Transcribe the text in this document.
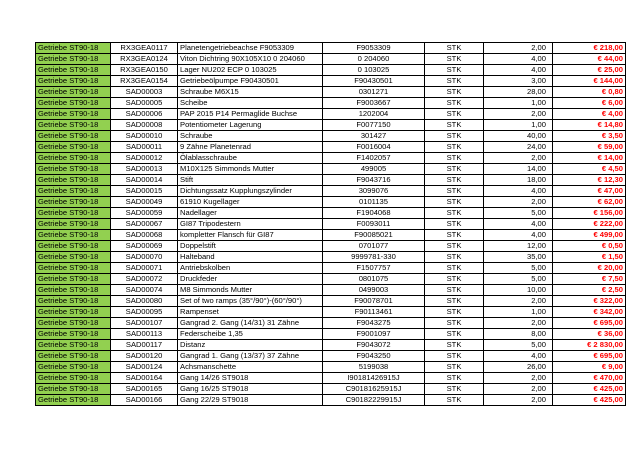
Getriebe ST90-18	RX3GEA0117	Planetengetriebeachse F9053309	F9053309	STK	2,00	€ 218,00
Getriebe ST90-18	RX3GEA0124	Viton Dichtring 90X105X10 0 204060	0 204060	STK	4,00	€ 44,00
Getriebe ST90-18	RX3GEA0150	Lager NU202 ECP 0 103025	0 103025	STK	4,00	€ 25,00
Getriebe ST90-18	RX3GEA0154	Getriebeölpumpe F90430501	F90430501	STK	3,00	€ 144,00
Getriebe ST90-18	SAD00003	Schraube M6X15	0301271	STK	28,00	€ 0,80
Getriebe ST90-18	SAD00005	Scheibe	F9003667	STK	1,00	€ 6,00
Getriebe ST90-18	SAD00006	PAP 2015 P14 Permaglide Buchse	1202004	STK	2,00	€ 4,00
Getriebe ST90-18	SAD00008	Potentiometer Lagerung	F0077150	STK	1,00	€ 14,80
Getriebe ST90-18	SAD00010	Schraube	301427	STK	40,00	€ 3,50
Getriebe ST90-18	SAD00011	9 Zähne Planetenrad	F0016004	STK	24,00	€ 59,00
Getriebe ST90-18	SAD00012	Ölablasschraube	F1402057	STK	2,00	€ 14,00
Getriebe ST90-18	SAD00013	M10X125 Simmonds Mutter	499005	STK	14,00	€ 4,50
Getriebe ST90-18	SAD00014	Stift	F9043716	STK	18,00	€ 12,30
Getriebe ST90-18	SAD00015	Dichtungssatz Kupplungszylinder	3099076	STK	4,00	€ 47,00
Getriebe ST90-18	SAD00049	61910 Kugellager	0101135	STK	2,00	€ 62,00
Getriebe ST90-18	SAD00059	Nadellager	F1904068	STK	5,00	€ 156,00
Getriebe ST90-18	SAD00067	GI87 Tripodestern	F0093011	STK	4,00	€ 222,00
Getriebe ST90-18	SAD00068	kompletter Flansch für GI87	F90085021	STK	4,00	€ 499,00
Getriebe ST90-18	SAD00069	Doppelstift	0701077	STK	12,00	€ 0,50
Getriebe ST90-18	SAD00070	Halteband	9999781-330	STK	35,00	€ 1,50
Getriebe ST90-18	SAD00071	Antriebskolben	F1507757	STK	5,00	€ 20,00
Getriebe ST90-18	SAD00072	Druckfeder	0801075	STK	5,00	€ 7,50
Getriebe ST90-18	SAD00074	M8 Simmonds Mutter	0499003	STK	10,00	€ 2,50
Getriebe ST90-18	SAD00080	Set of two ramps (35°/90°)-(60°/90°)	F90078701	STK	2,00	€ 322,00
Getriebe ST90-18	SAD00095	Rampenset	F90113461	STK	1,00	€ 342,00
Getriebe ST90-18	SAD00107	Gangrad 2. Gang (14/31) 31 Zähne	F9043275	STK	2,00	€ 695,00
Getriebe ST90-18	SAD00113	Federscheibe 1,35	F9001097	STK	8,00	€ 36,00
Getriebe ST90-18	SAD00117	Distanz	F9043072	STK	5,00	€ 2 830,00
Getriebe ST90-18	SAD00120	Gangrad 1. Gang (13/37) 37 Zähne	F9043250	STK	4,00	€ 695,00
Getriebe ST90-18	SAD00124	Achsmanschette	5199038	STK	26,00	€ 9,00
Getriebe ST90-18	SAD00164	Gang 14/26 ST9018	I90181426915J	STK	2,00	€ 470,00
Getriebe ST90-18	SAD00165	Gang 16/25 ST9018	C90181625915J	STK	2,00	€ 425,00
Getriebe ST90-18	SAD00166	Gang 22/29 ST9018	C90182229915J	STK	2,00	€ 425,00
